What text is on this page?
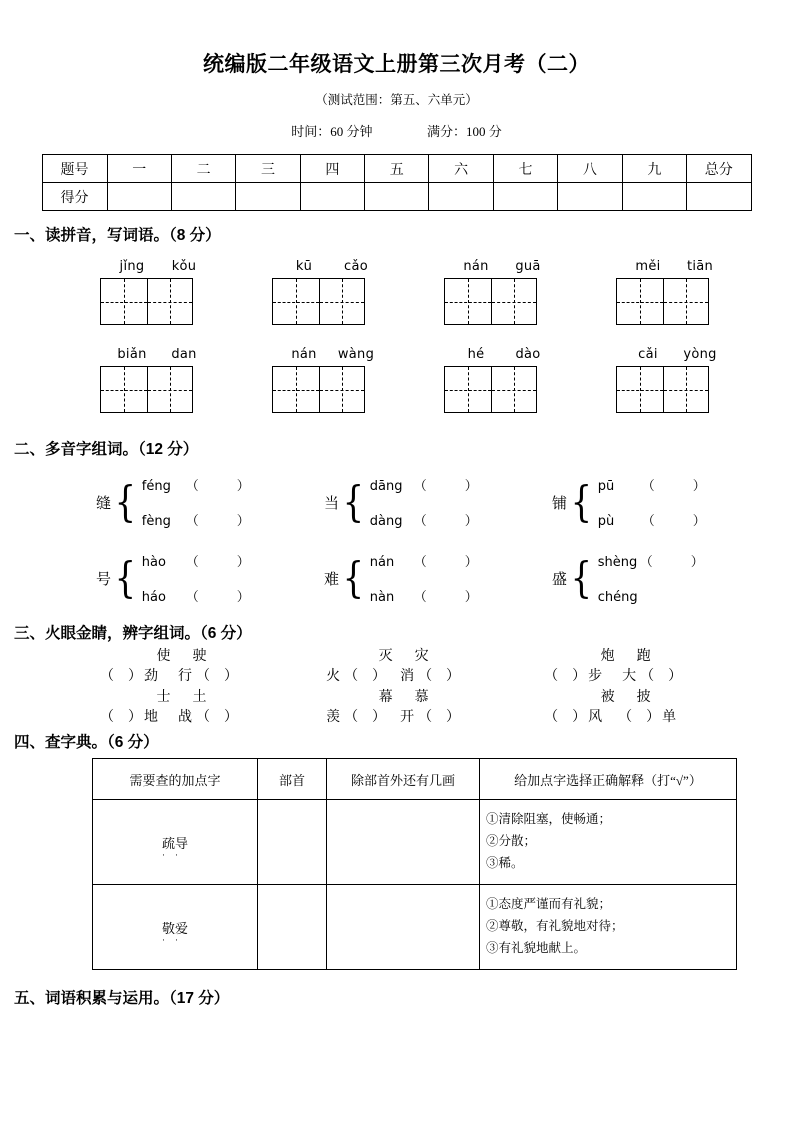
统编版二年级语文上册第三次月考（二）

（测试范围：第五、六单元）

时间：60 分钟	满分：100 分

题号	一	二	三	四	五	六	七	八	九	总分
得分										
一、读拼音，写词语。（8 分）
jǐng kǒu	kū cǎo	nán guā	měi tiān
biǎn dan	nán wàng	hé dào	cǎi yòng
二、多音字组词。（12 分）
缝 { féng （	）
fèng （	）
当 { dāng （	）
dàng （	）
铺 { pū （	）
pù （	）
号 { hào （	）
háo （	）
难 { nán （	）
nàn （	）
盛 { shèng （	）
chéng
三、火眼金睛，辨字组词。（6 分）
使 驶	灭 灾	炮 跑
（　） 劲 行 （　）	火 （　） 消 （　）	（　） 步 大 （　）
士 土	幕 慕	被 披
（　） 地 战 （　）	羡 （　） 开 （　）	（　） 风 （　） 单
四、查字典。（6 分）
需要查的加点字	部首	除部首外还有几画	给加点字选择正确解释（打“√”）
疏导 ··			①清除阻塞，使畅通；
②分散；
③稀。

敬爱 ··			①态度严谨而有礼貌；
②尊敬，有礼貌地对待；
③有礼貌地献上。
五、词语积累与运用。（17 分）
